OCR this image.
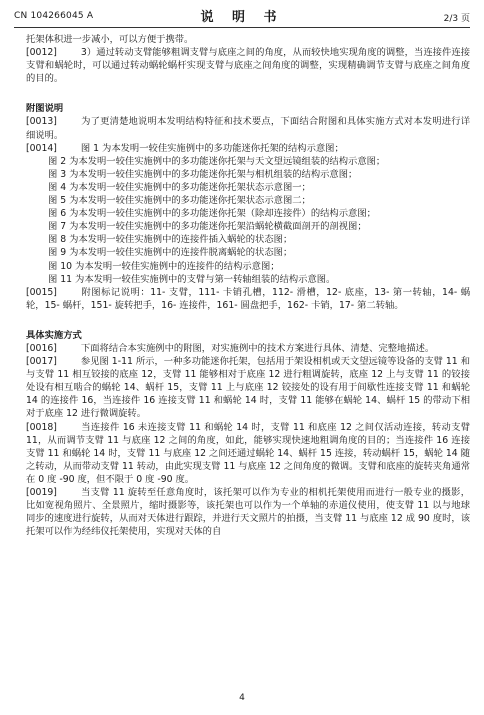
CN 104266045 A	说 明 书	2/3 页

托架体积进一步减小，可以方便于携带。

[0012]	3）通过转动支臂能够粗调支臂与底座之间的角度，从而较快地实现角度的调整，当连接件连接支臂和蜗轮时，可以通过转动蜗轮蜗杆实现支臂与底座之间角度的调整，实现精确调节支臂与底座之间角度的目的。

附图说明

[0013]	为了更清楚地说明本发明结构特征和技术要点，下面结合附图和具体实施方式对本发明进行详细说明。

[0014]	图 1 为本发明一较佳实施例中的多功能迷你托架的结构示意图；

图 2 为本发明一较佳实施例中的多功能迷你托架与天文望远镜组装的结构示意图；

图 3 为本发明一较佳实施例中的多功能迷你托架与相机组装的结构示意图；

图 4 为本发明一较佳实施例中的多功能迷你托架状态示意图一；

图 5 为本发明一较佳实施例中的多功能迷你托架状态示意图二；

图 6 为本发明一较佳实施例中的多功能迷你托架（除却连接件）的结构示意图；

图 7 为本发明一较佳实施例中的多功能迷你托架沿蜗轮横截面剖开的剖视图；

图 8 为本发明一较佳实施例中的连接件插入蜗轮的状态图；

图 9 为本发明一较佳实施例中的连接件脱离蜗轮的状态图；

图 10 为本发明一较佳实施例中的连接件的结构示意图；

图 11 为本发明一较佳实施例中的支臂与第一转轴组装的结构示意图。

[0015]	附图标记说明：11- 支臂，111- 卡销孔槽，112- 滑槽，12- 底座，13- 第一转轴，14- 蜗轮，15- 蜗杆，151- 旋转把手，16- 连接件，161- 圆盘把手，162- 卡销，17- 第二转轴。

具体实施方式

[0016]	下面将结合本实施例中的附图，对实施例中的技术方案进行具体、清楚、完整地描述。

[0017]	参见图 1-11 所示，一种多功能迷你托架，包括用于架设相机或天文望远镜等设备的支臂 11 和与支臂 11 相互铰接的底座 12，支臂 11 能够相对于底座 12 进行粗调旋转，底座 12 上与支臂 11 的铰接处设有相互啮合的蜗轮 14、蜗杆 15，支臂 11 上与底座 12 铰接处的设有用于间歇性连接支臂 11 和蜗轮 14 的连接件 16，当连接件 16 连接支臂 11 和蜗轮 14 时，支臂 11 能够在蜗轮 14、蜗杆 15 的带动下相对于底座 12 进行微调旋转。

[0018]	当连接件 16 未连接支臂 11 和蜗轮 14 时，支臂 11 和底座 12 之间仅活动连接，转动支臂 11，从而调节支臂 11 与底座 12 之间的角度，如此，能够实现快速地粗调角度的目的；当连接件 16 连接支臂 11 和蜗轮 14 时，支臂 11 与底座 12 之间还通过蜗轮 14、蜗杆 15 连接，转动蜗杆 15，蜗轮 14 随之转动，从而带动支臂 11 转动，由此实现支臂 11 与底座 12 之间角度的微调。支臂和底座的旋转夹角通常在 0 度 -90 度，但不限于 0 度 -90 度。

[0019]	当支臂 11 旋转至任意角度时，该托架可以作为专业的相机托架使用而进行一般专业的摄影，比如宽视角照片、全景照片，缩时摄影等，该托架也可以作为一个单轴的赤道仪使用，使支臂 11 以与地球同步的速度进行旋转，从而对天体进行跟踪，并进行天文照片的拍摄，当支臂 11 与底座 12 成 90 度时，该托架可以作为经纬仪托架使用，实现对天体的自

4
